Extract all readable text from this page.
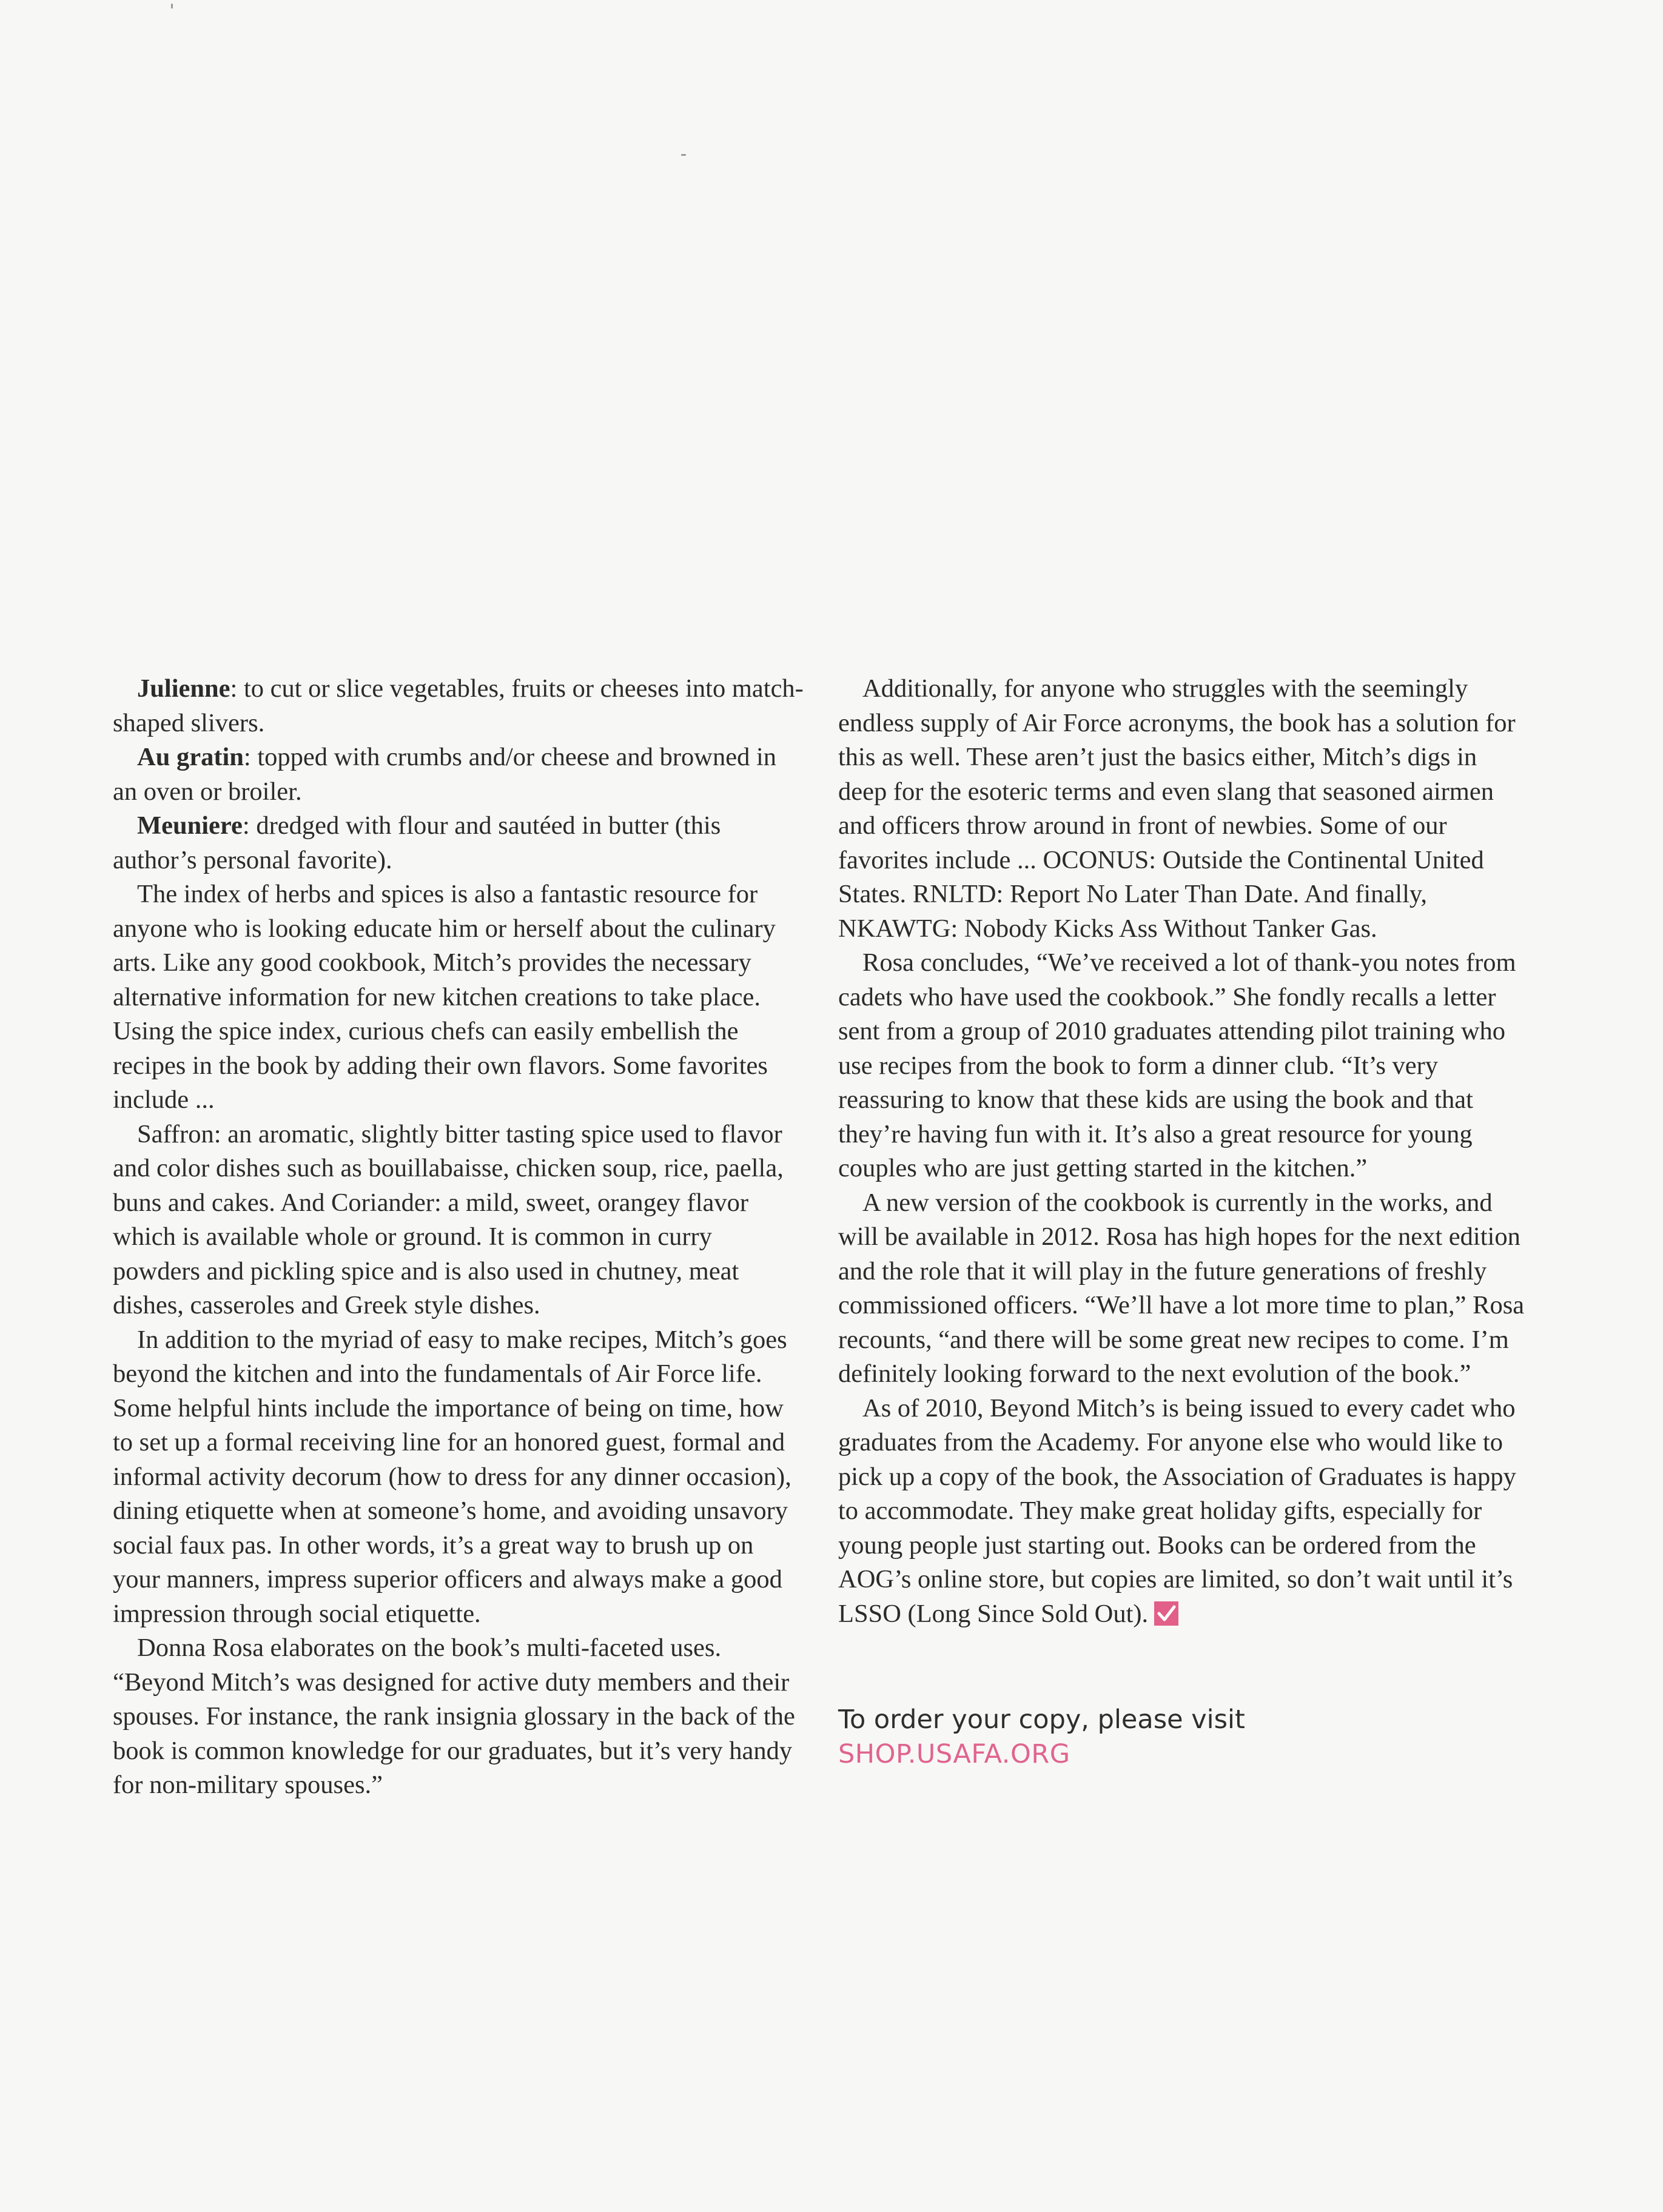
Julienne: to cut or slice vegetables, fruits or cheeses into match-shaped slivers.

Au gratin: topped with crumbs and/or cheese and browned in an oven or broiler.

Meuniere: dredged with flour and sautéed in butter (this author’s personal favorite).

The index of herbs and spices is also a fantastic resource for anyone who is looking educate him or herself about the culinary arts. Like any good cookbook, Mitch’s provides the necessary alternative information for new kitchen creations to take place. Using the spice index, curious chefs can easily embellish the recipes in the book by adding their own flavors. Some favorites include ...

Saffron: an aromatic, slightly bitter tasting spice used to flavor and color dishes such as bouillabaisse, chicken soup, rice, paella, buns and cakes. And Coriander: a mild, sweet, orangey flavor which is available whole or ground. It is common in curry powders and pickling spice and is also used in chutney, meat dishes, casseroles and Greek style dishes.

In addition to the myriad of easy to make recipes, Mitch’s goes beyond the kitchen and into the fundamentals of Air Force life. Some helpful hints include the importance of being on time, how to set up a formal receiving line for an honored guest, formal and informal activity decorum (how to dress for any dinner occasion), dining etiquette when at someone’s home, and avoiding unsavory social faux pas. In other words, it’s a great way to brush up on your manners, impress superior officers and always make a good impression through social etiquette.

Donna Rosa elaborates on the book’s multi-faceted uses. “Beyond Mitch’s was designed for active duty members and their spouses. For instance, the rank insignia glossary in the back of the book is common knowledge for our graduates, but it’s very handy for non-military spouses.”

Additionally, for anyone who struggles with the seemingly endless supply of Air Force acronyms, the book has a solution for this as well. These aren’t just the basics either, Mitch’s digs in deep for the esoteric terms and even slang that seasoned airmen and officers throw around in front of newbies. Some of our favorites include ... OCONUS: Outside the Continental United States. RNLTD: Report No Later Than Date. And finally, NKAWTG: Nobody Kicks Ass Without Tanker Gas.

Rosa concludes, “We’ve received a lot of thank-you notes from cadets who have used the cookbook.” She fondly recalls a letter sent from a group of 2010 graduates attending pilot training who use recipes from the book to form a dinner club. “It’s very reassuring to know that these kids are using the book and that they’re having fun with it. It’s also a great resource for young couples who are just getting started in the kitchen.”

A new version of the cookbook is currently in the works, and will be available in 2012. Rosa has high hopes for the next edition and the role that it will play in the future generations of freshly commissioned officers. “We’ll have a lot more time to plan,” Rosa recounts, “and there will be some great new recipes to come. I’m definitely looking forward to the next evolution of the book.”

As of 2010, Beyond Mitch’s is being issued to every cadet who graduates from the Academy. For anyone else who would like to pick up a copy of the book, the Association of Graduates is happy to accommodate. They make great holiday gifts, especially for young people just starting out. Books can be ordered from the AOG’s online store, but copies are limited, so don’t wait until it’s LSSO (Long Since Sold Out).

To order your copy, please visit
SHOP.USAFA.ORG
